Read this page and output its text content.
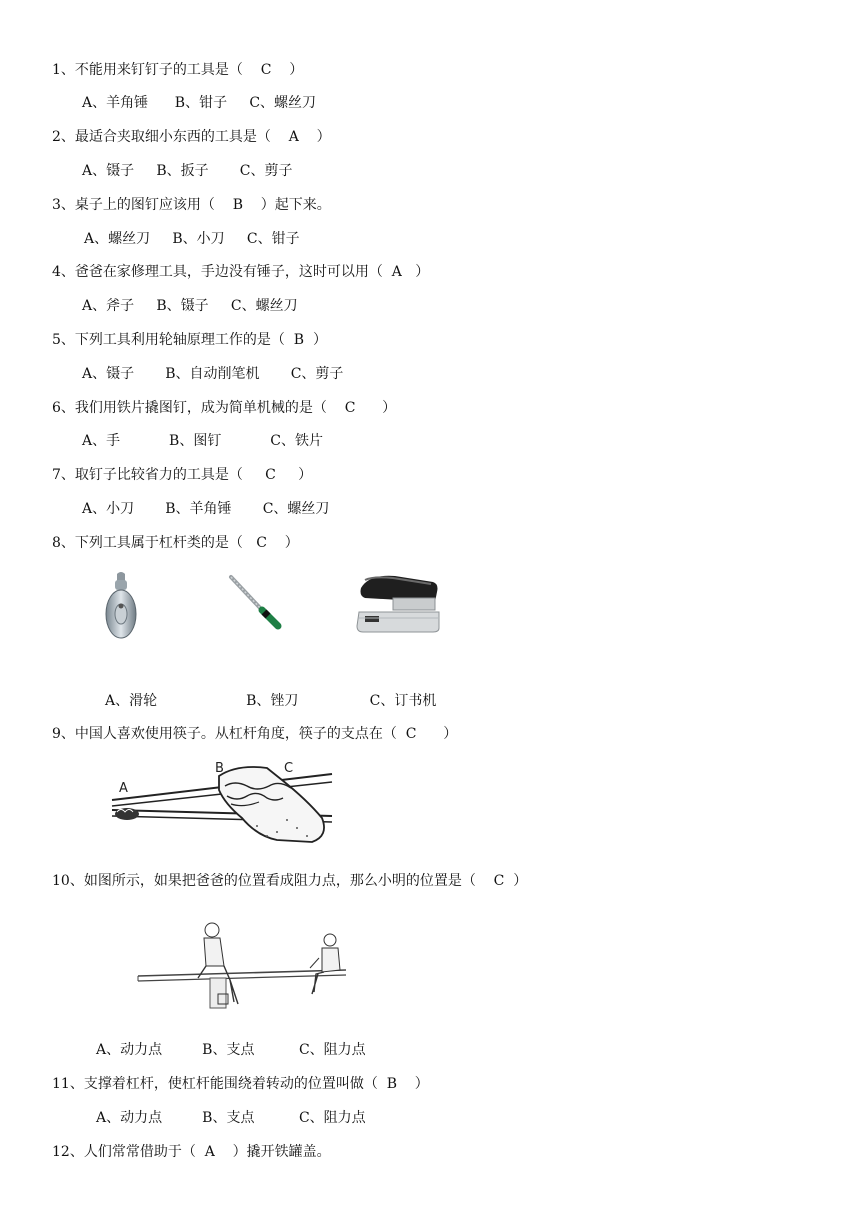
1、不能用来钉钉子的工具是（    C    ）
A、羊角锤      B、钳子     C、螺丝刀
2、最适合夹取细小东西的工具是（    A    ）
A、镊子     B、扳子       C、剪子
3、桌子上的图钉应该用（    B    ）起下来。
A、螺丝刀     B、小刀     C、钳子
4、爸爸在家修理工具，手边没有锤子，这时可以用（  A   ）
A、斧子     B、镊子     C、螺丝刀
5、下列工具利用轮轴原理工作的是（  B  ）
A、镊子       B、自动削笔机       C、剪子
6、我们用铁片撬图钉，成为简单机械的是（    C      ）
A、手           B、图钉           C、铁片
7、取钉子比较省力的工具是（     C     ）
A、小刀       B、羊角锤       C、螺丝刀
8、下列工具属于杠杆类的是（   C    ）
A、滑轮                    B、锉刀                C、订书机
9、中国人喜欢使用筷子。从杠杆角度，筷子的支点在（  C      ）
A
B	C
10、如图所示，如果把爸爸的位置看成阻力点，那么小明的位置是（    C  ）
A、动力点         B、支点          C、阻力点
11、支撑着杠杆，使杠杆能围绕着转动的位置叫做（  B    ）
A、动力点         B、支点          C、阻力点
12、人们常常借助于（  A    ）撬开铁罐盖。
